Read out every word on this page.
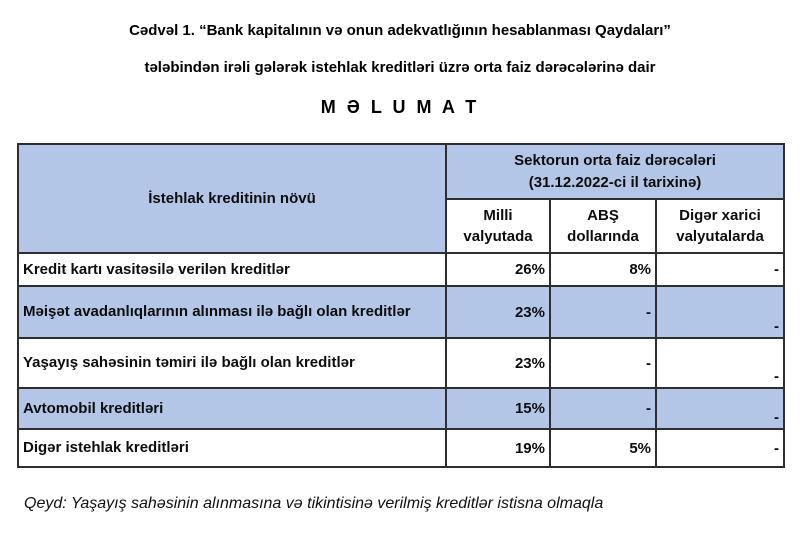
Cədvəl 1. “Bank kapitalının və onun adekvatlığının hesablanması Qaydaları”
tələbindən irəli gələrək istehlak kreditləri üzrə orta faiz dərəcələrinə dair
M Ə L U M A T
İstehlak kreditinin növü	Sektorun orta faiz dərəcələri
(31.12.2022-ci il tarixinə)		

	Milli valyutada	ABŞ dollarında	Digər xarici valyutalarda
Kredit kartı vasitəsilə verilən kreditlər	26%	8%	-
Məişət avadanlıqlarının alınması ilə bağlı olan kreditlər	23%	-	-
Yaşayış sahəsinin təmiri ilə bağlı olan kreditlər	23%	-	-
Avtomobil kreditləri	15%	-	-
Digər istehlak kreditləri	19%	5%	-
Qeyd: Yaşayış sahəsinin alınmasına və tikintisinə verilmiş kreditlər istisna olmaqla
